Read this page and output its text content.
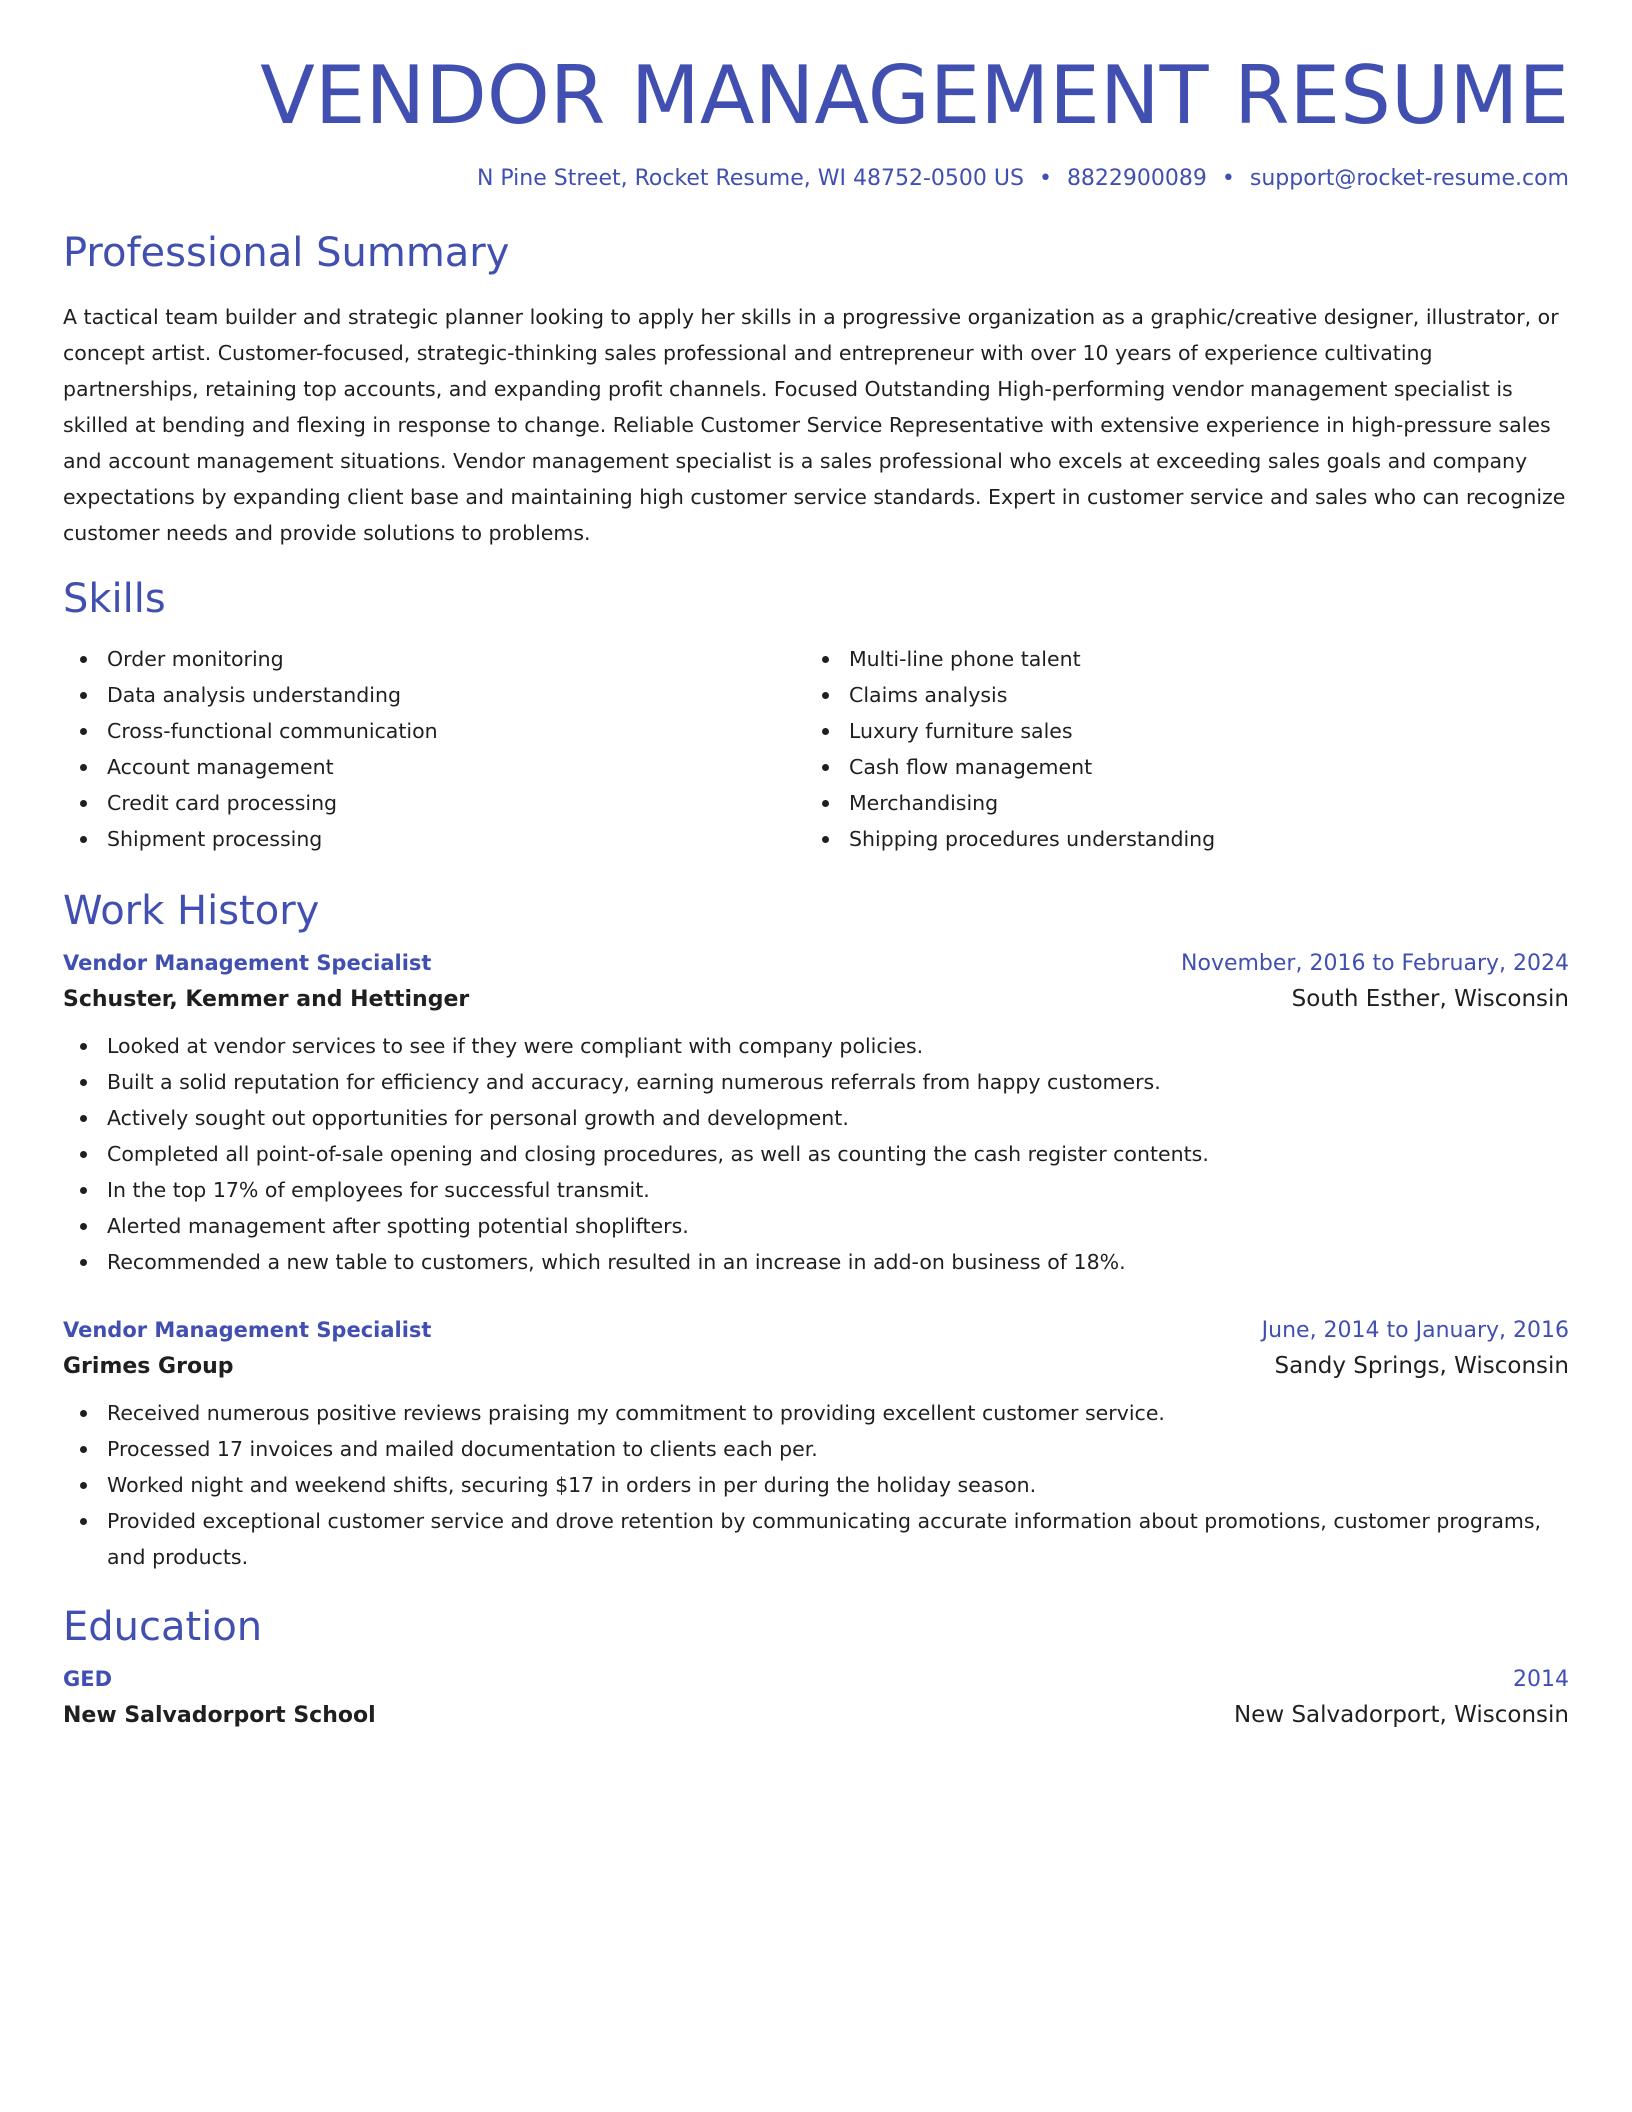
VENDOR MANAGEMENT RESUME
N Pine Street, Rocket Resume, WI 48752-0500 US • 8822900089 • support@rocket-resume.com
Professional Summary

A tactical team builder and strategic planner looking to apply her skills in a progressive organization as a graphic/creative designer, illustrator, or concept artist. Customer-focused, strategic-thinking sales professional and entrepreneur with over 10 years of experience cultivating partnerships, retaining top accounts, and expanding profit channels. Focused Outstanding High-performing vendor management specialist is skilled at bending and flexing in response to change. Reliable Customer Service Representative with extensive experience in high-pressure sales and account management situations. Vendor management specialist is a sales professional who excels at exceeding sales goals and company expectations by expanding client base and maintaining high customer service standards. Expert in customer service and sales who can recognize customer needs and provide solutions to problems.

Skills
Order monitoring
Data analysis understanding
Cross-functional communication
Account management
Credit card processing
Shipment processing
Multi-line phone talent
Claims analysis
Luxury furniture sales
Cash flow management
Merchandising
Shipping procedures understanding
Work History
Vendor Management Specialist	November, 2016 to February, 2024
Schuster, Kemmer and Hettinger	South Esther, Wisconsin
Looked at vendor services to see if they were compliant with company policies.
Built a solid reputation for efficiency and accuracy, earning numerous referrals from happy customers.
Actively sought out opportunities for personal growth and development.
Completed all point-of-sale opening and closing procedures, as well as counting the cash register contents.
In the top 17% of employees for successful transmit.
Alerted management after spotting potential shoplifters.
Recommended a new table to customers, which resulted in an increase in add-on business of 18%.
Vendor Management Specialist	June, 2014 to January, 2016
Grimes Group	Sandy Springs, Wisconsin
Received numerous positive reviews praising my commitment to providing excellent customer service.
Processed 17 invoices and mailed documentation to clients each per.
Worked night and weekend shifts, securing $17 in orders in per during the holiday season.
Provided exceptional customer service and drove retention by communicating accurate information about promotions, customer programs, and products.
Education
GED	2014
New Salvadorport School	New Salvadorport, Wisconsin
